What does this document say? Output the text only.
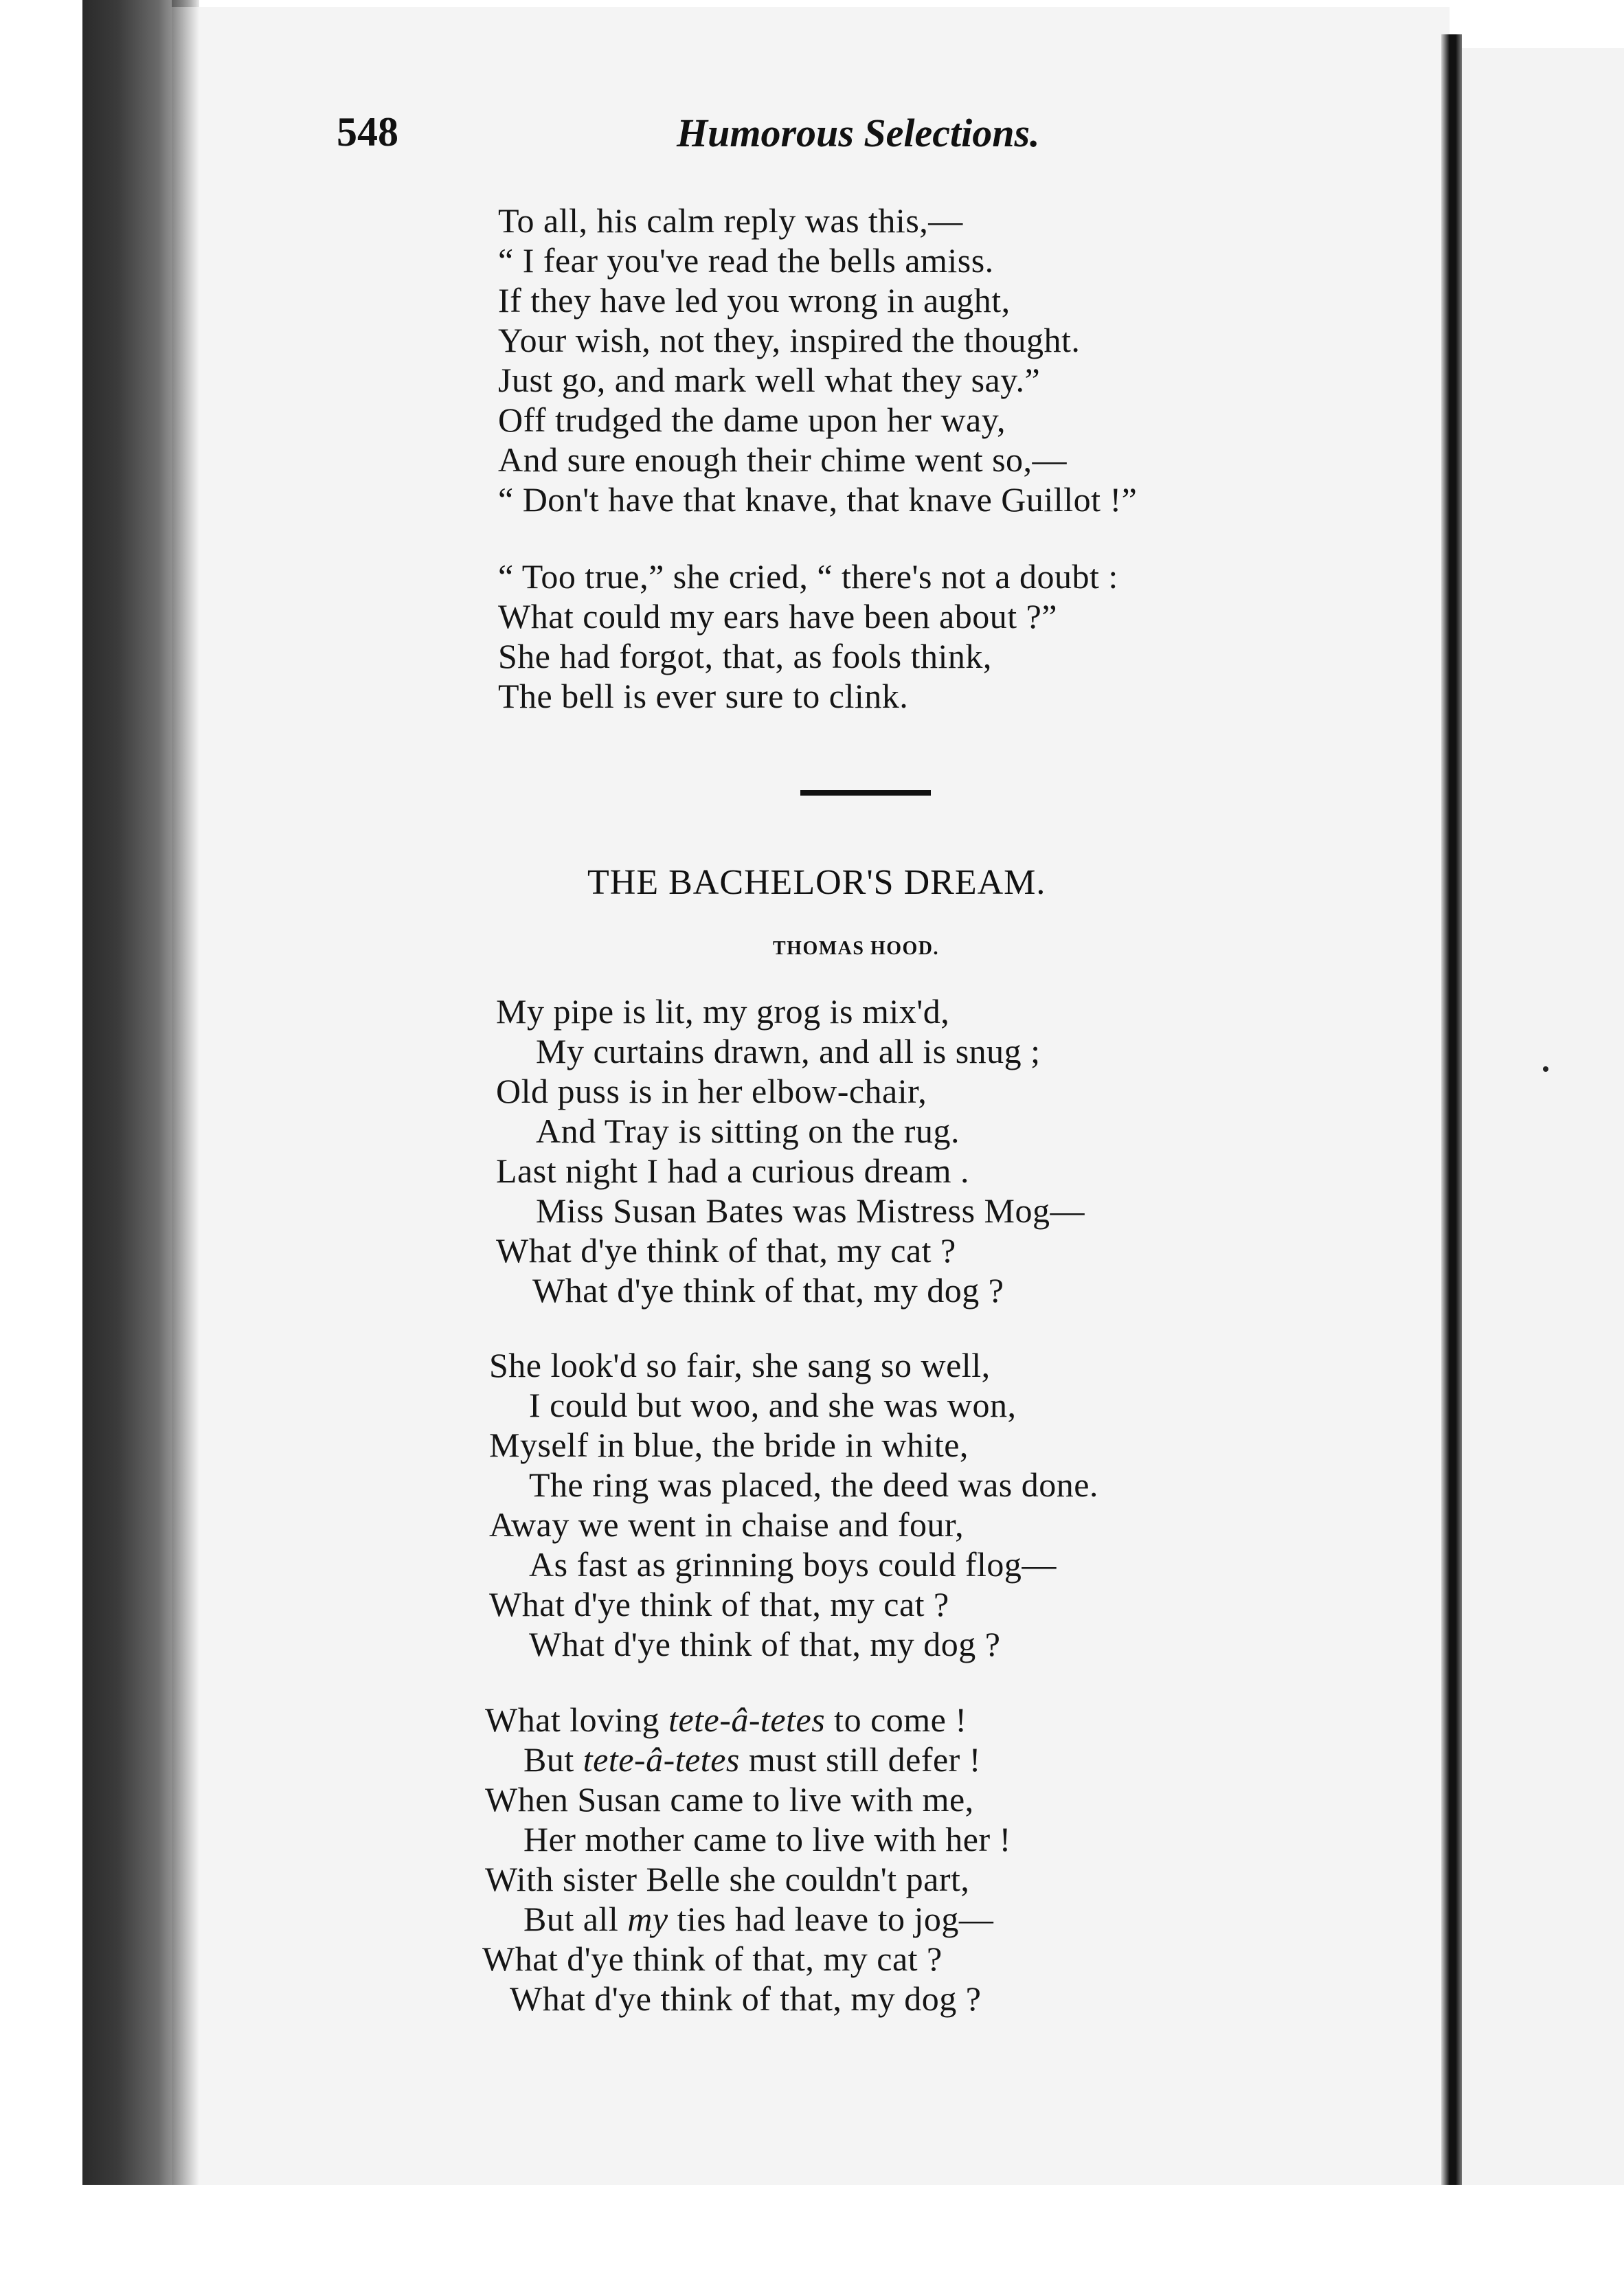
548	Humorous Selections.
To all, his calm reply was this,—
“ I fear you've read the bells amiss.
If they have led you wrong in aught,
Your wish, not they, inspired the thought.
Just go, and mark well what they say.”
Off trudged the dame upon her way,
And sure enough their chime went so,—
“ Don't have that knave, that knave Guillot !”
“ Too true,” she cried, “ there's not a doubt :
What could my ears have been about ?”
She had forgot, that, as fools think,
The bell is ever sure to clink.
THE BACHELOR'S DREAM.
THOMAS HOOD.
My pipe is lit, my grog is mix'd,
My curtains drawn, and all is snug ;
Old puss is in her elbow-chair,
And Tray is sitting on the rug.
Last night I had a curious dream .
Miss Susan Bates was Mistress Mog—
What d'ye think of that, my cat ?
What d'ye think of that, my dog ?
She look'd so fair, she sang so well,
I could but woo, and she was won,
Myself in blue, the bride in white,
The ring was placed, the deed was done.
Away we went in chaise and four,
As fast as grinning boys could flog—
What d'ye think of that, my cat ?
What d'ye think of that, my dog ?
What loving tete-â-tetes to come !
But tete-â-tetes must still defer !
When Susan came to live with me,
Her mother came to live with her !
With sister Belle she couldn't part,
But all my ties had leave to jog—
What d'ye think of that, my cat ?
What d'ye think of that, my dog ?
